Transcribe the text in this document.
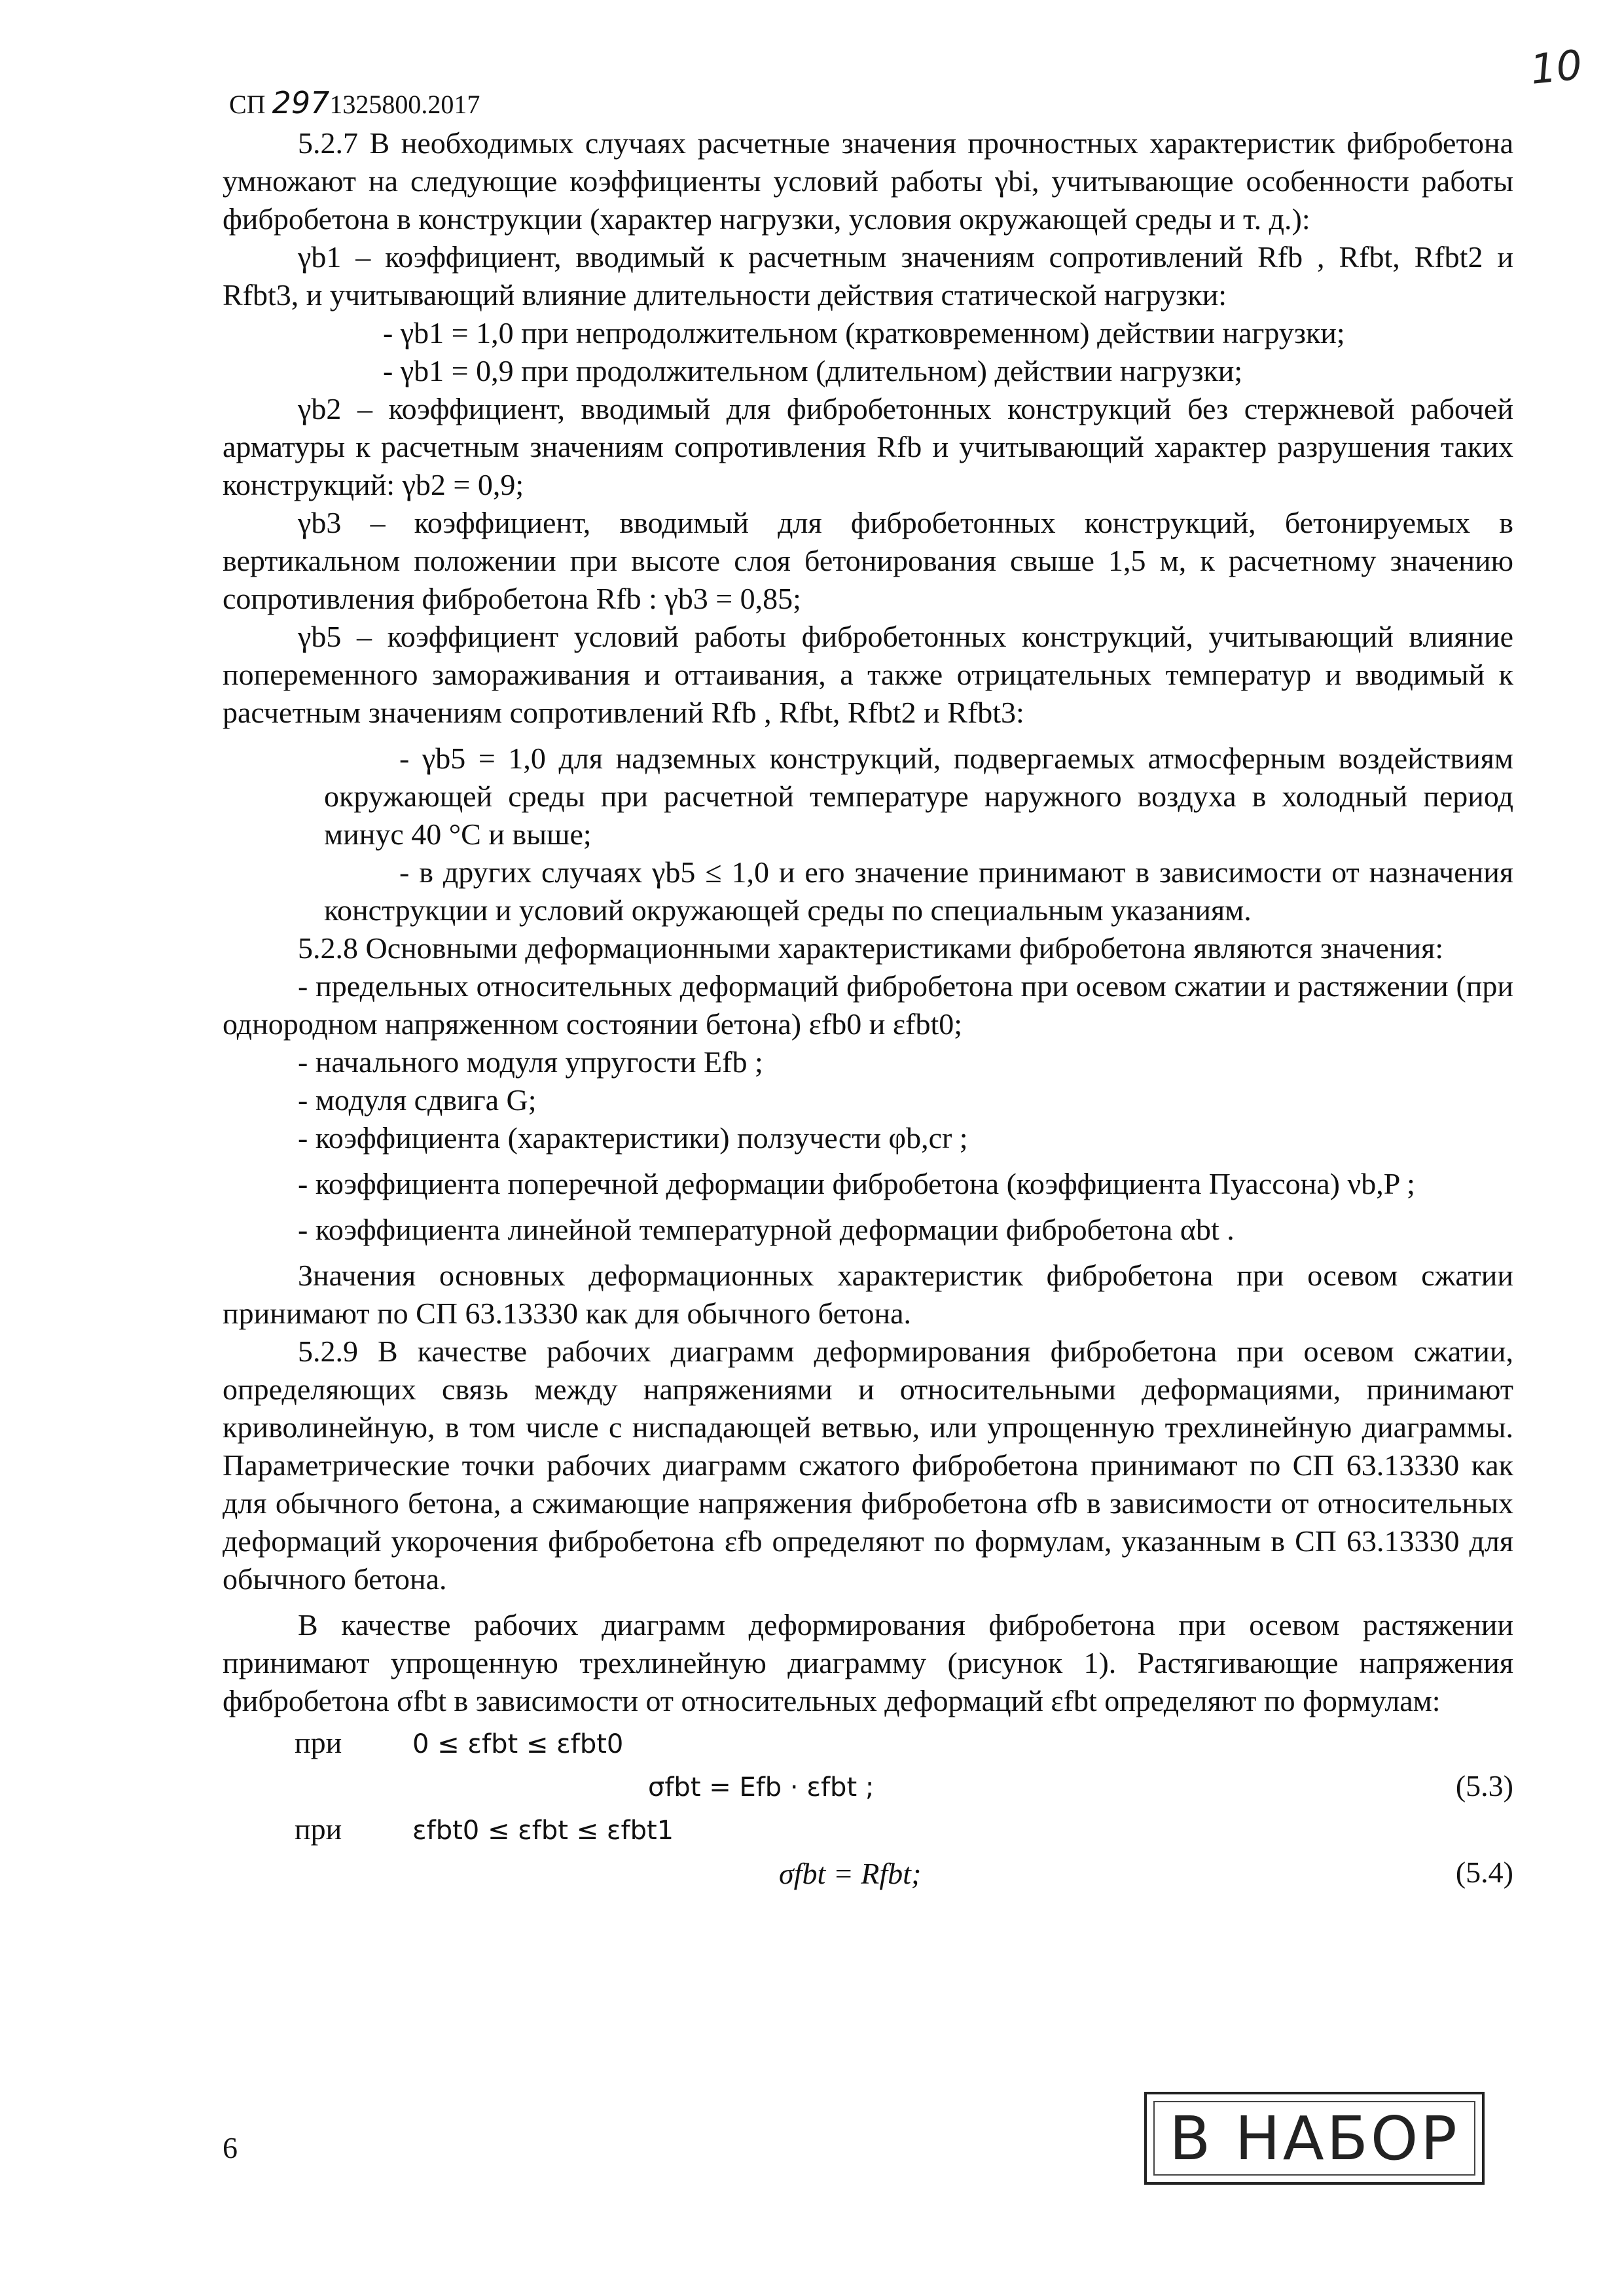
СП 2971325800.2017
10

5.2.7 В необходимых случаях расчетные значения прочностных характеристик фибробетона умножают на следующие коэффициенты условий работы γbi, учитывающие особенности работы фибробетона в конструкции (характер нагрузки, условия окружающей среды и т. д.):

γb1 – коэффициент, вводимый к расчетным значениям сопротивлений Rfb , Rfbt, Rfbt2 и Rfbt3, и учитывающий влияние длительности действия статической нагрузки:

- γb1 = 1,0 при непродолжительном (кратковременном) действии нагрузки;

- γb1 = 0,9 при продолжительном (длительном) действии нагрузки;

γb2 – коэффициент, вводимый для фибробетонных конструкций без стержневой рабочей арматуры к расчетным значениям сопротивления Rfb и учитывающий характер разрушения таких конструкций: γb2 = 0,9;

γb3 – коэффициент, вводимый для фибробетонных конструкций, бетонируемых в вертикальном положении при высоте слоя бетонирования свыше 1,5 м, к расчетному значению сопротивления фибробетона Rfb : γb3 = 0,85;

γb5 – коэффициент условий работы фибробетонных конструкций, учитывающий влияние попеременного замораживания и оттаивания, а также отрицательных температур и вводимый к расчетным значениям сопротивлений Rfb , Rfbt, Rfbt2 и Rfbt3:

- γb5 = 1,0 для надземных конструкций, подвергаемых атмосферным воздействиям окружающей среды при расчетной температуре наружного воздуха в холодный период минус 40 °С и выше;

- в других случаях γb5 ≤ 1,0 и его значение принимают в зависимости от назначения конструкции и условий окружающей среды по специальным указаниям.

5.2.8 Основными деформационными характеристиками фибробетона являются значения:

- предельных относительных деформаций фибробетона при осевом сжатии и растяжении (при однородном напряженном состоянии бетона) εfb0 и εfbt0;

- начального модуля упругости Efb ;

- модуля сдвига G;

- коэффициента (характеристики) ползучести φb,cr ;

- коэффициента поперечной деформации фибробетона (коэффициента Пуассона) νb,P ;

- коэффициента линейной температурной деформации фибробетона αbt .

Значения основных деформационных характеристик фибробетона при осевом сжатии принимают по СП 63.13330 как для обычного бетона.

5.2.9 В качестве рабочих диаграмм деформирования фибробетона при осевом сжатии, определяющих связь между напряжениями и относительными деформациями, принимают криволинейную, в том числе с ниспадающей ветвью, или упрощенную трехлинейную диаграммы. Параметрические точки рабочих диаграмм сжатого фибробетона принимают по СП 63.13330 как для обычного бетона, а сжимающие напряжения фибробетона σfb в зависимости от относительных деформаций укорочения фибробетона εfb определяют по формулам, указанным в СП 63.13330 для обычного бетона.

В качестве рабочих диаграмм деформирования фибробетона при осевом растяжении принимают упрощенную трехлинейную диаграмму (рисунок 1). Растягивающие напряжения фибробетона σfbt в зависимости от относительных деформаций εfbt определяют по формулам:

при	0 ≤ εfbt ≤ εfbt0
σfbt = Efb · εfbt ;	(5.3)
при	εfbt0 ≤ εfbt ≤ εfbt1
σfbt = Rfbt;	(5.4)
6	В НАБОР
